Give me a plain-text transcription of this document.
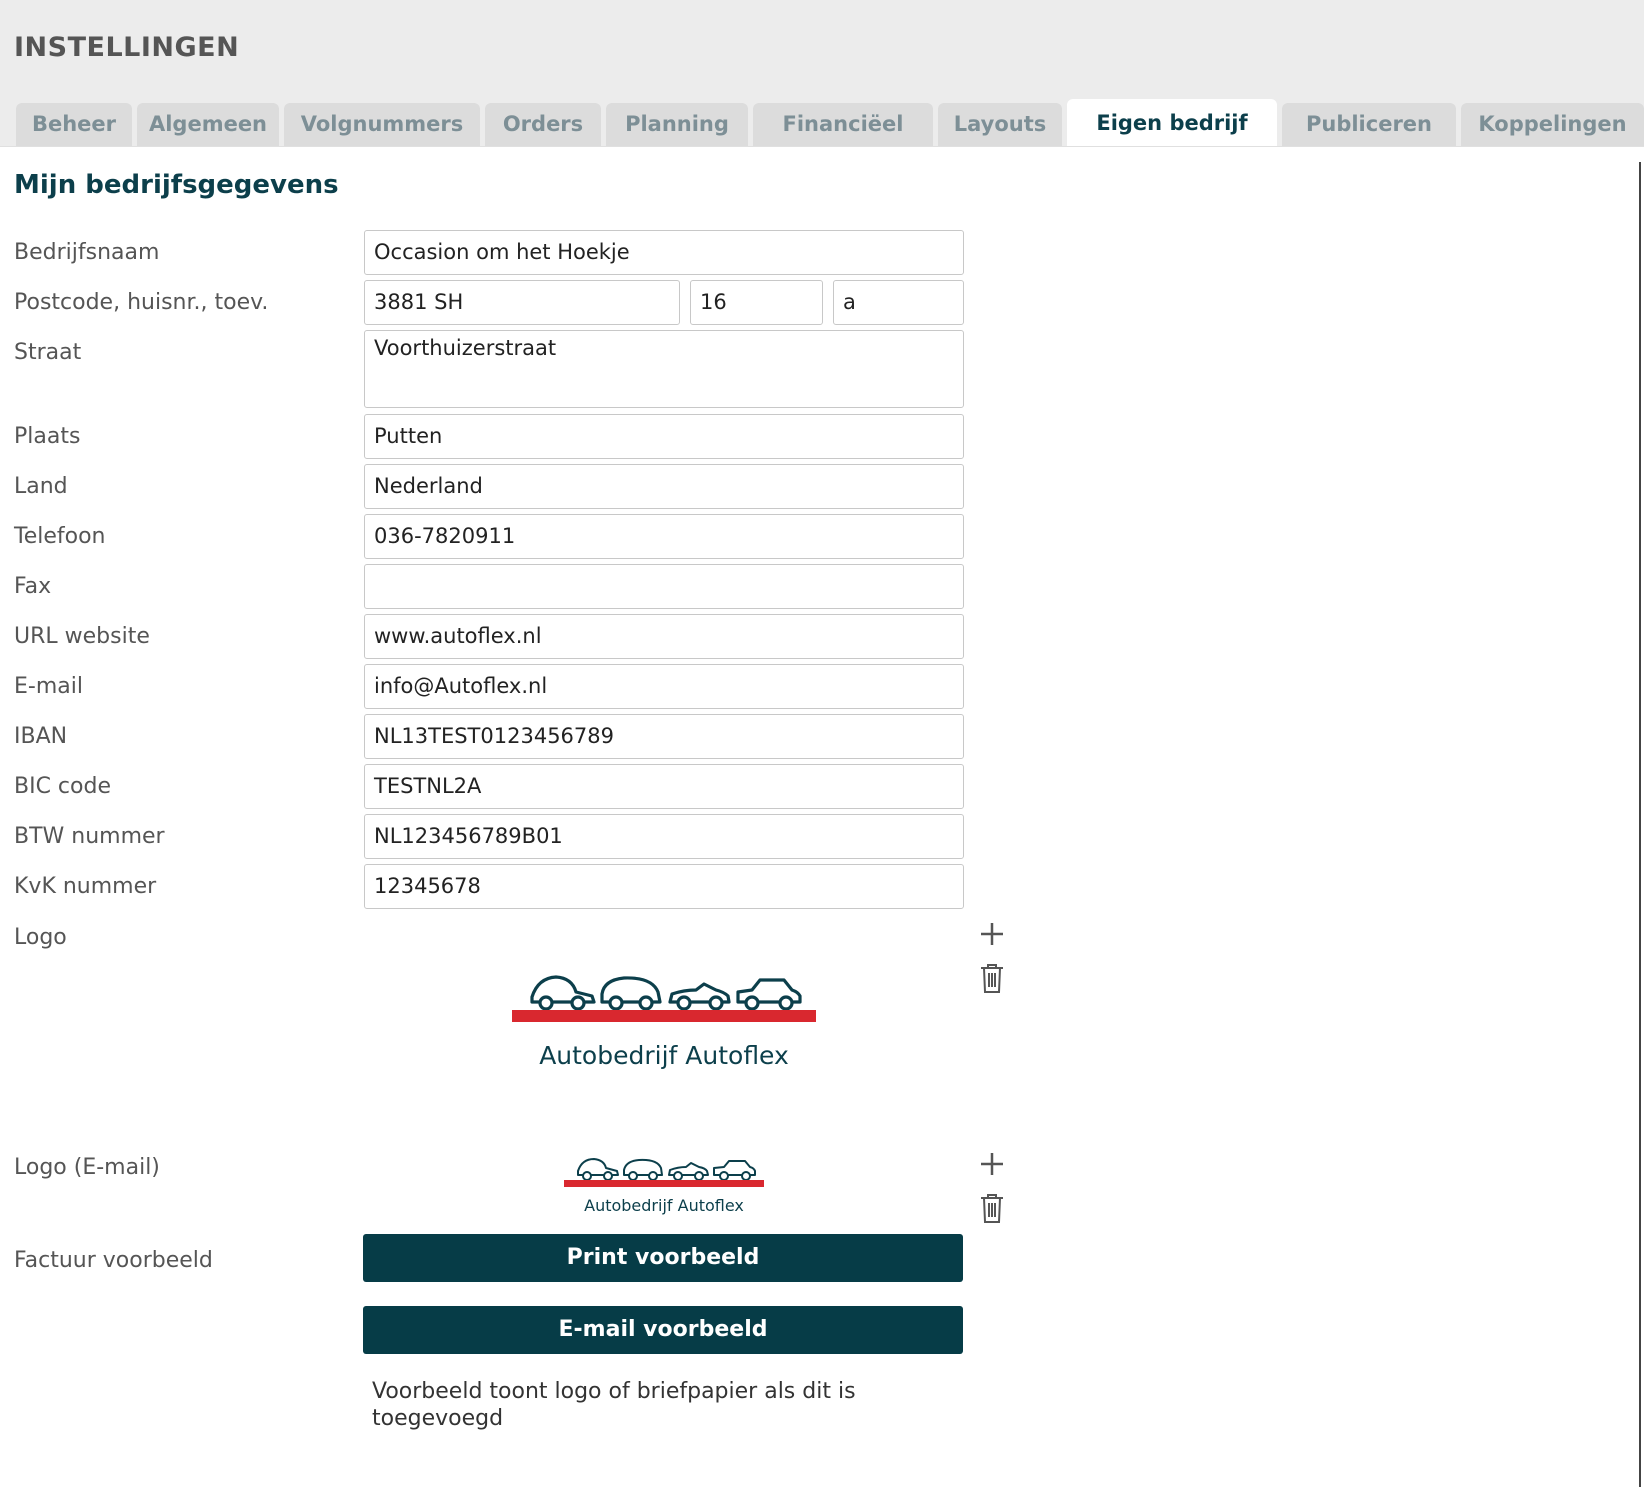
INSTELLINGEN
Beheer	Algemeen	Volgnummers	Orders	Planning	Financiëel	Layouts	Eigen bedrijf	Publiceren	Koppelingen
Mijn bedrijfsgegevens
Bedrijfsnaam	Occasion om het Hoekje
Postcode, huisnr., toev.	3881 SH	16	a
Straat	Voorthuizerstraat
Plaats	Putten
Land	Nederland
Telefoon	036-7820911
Fax
URL website	www.autoflex.nl
E-mail	info@Autoflex.nl
IBAN	NL13TEST0123456789
BIC code	TESTNL2A
BTW nummer	NL123456789B01
KvK nummer	12345678
Logo
Autobedrijf Autoflex
Logo (E-mail)
Autobedrijf Autoflex
Factuur voorbeeld	Print voorbeeld
E-mail voorbeeld
Voorbeeld toont logo of briefpapier als dit is toegevoegd
